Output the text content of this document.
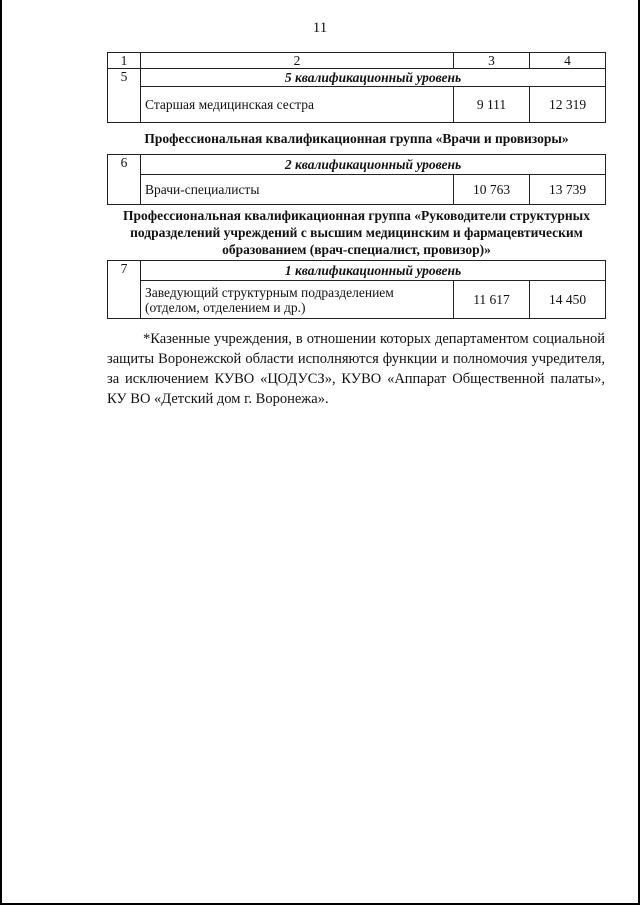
11
1	2	3	4
5	5 квалификационный уровень		
	Старшая медицинская сестра	9 111	12 319
Профессиональная квалификационная группа «Врачи и провизоры»			
6	2 квалификационный уровень		
	Врачи-специалисты	10 763	13 739
Профессиональная квалификационная группа «Руководители структурных подразделений учреждений с высшим медицинским и фармацевтическим образованием (врач-специалист, провизор)»			
7	1 квалификационный уровень		
	Заведующий структурным подразделением (отделом, отделением и др.)	11 617	14 450

*Казенные учреждения, в отношении которых департаментом социальной защиты Воронежской области исполняются функции и полномочия учредителя, за исключением КУВО «ЦОДУСЗ», КУВО «Аппарат Общественной палаты», КУ ВО «Детский дом г. Воронежа».
